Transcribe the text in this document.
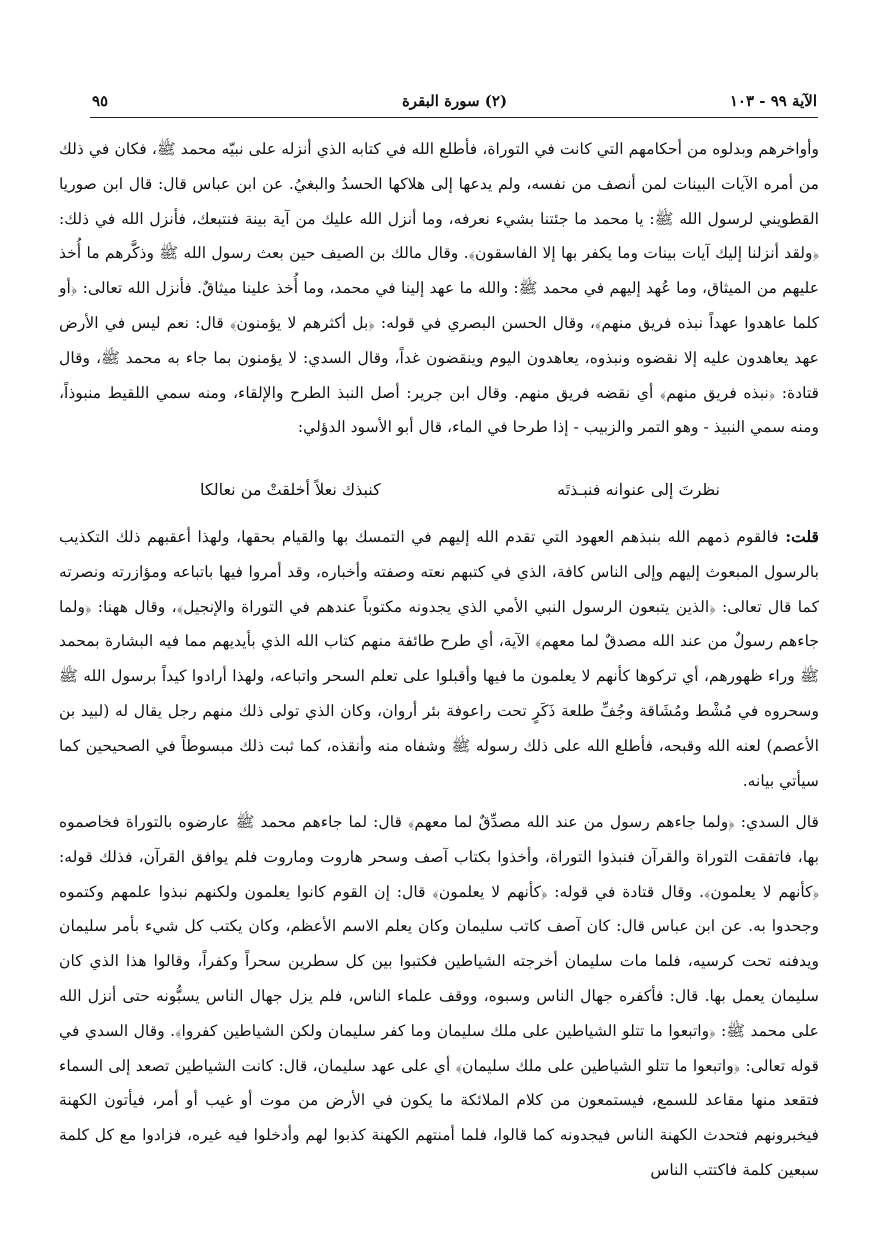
الآية ٩٩ - ١٠٣
(٢) سورة البقرة
٩٥

وأواخرهم وبدلوه من أحكامهم التي كانت في التوراة، فأطلع الله في كتابه الذي أنزله على نبيّه محمد ﷺ، فكان في ذلك من أمره الآيات البينات لمن أنصف من نفسه، ولم يدعها إلى هلاكها الحسدُ والبغيُ. عن ابن عباس قال: قال ابن صوريا القطويني لرسول الله ﷺ: يا محمد ما جئتنا بشيء نعرفه، وما أنزل الله عليك من آية بينة فنتبعك، فأنزل الله في ذلك: ﴿ولقد أنزلنا إليك آيات بينات وما يكفر بها إلا الفاسقون﴾. وقال مالك بن الصيف حين بعث رسول الله ﷺ وذكَّرهم ما أُخذ عليهم من الميثاق، وما عُهد إليهم في محمد ﷺ: والله ما عهد إلينا في محمد، وما أُخذ علينا ميثاقٌ. فأنزل الله تعالى: ﴿أو كلما عاهدوا عهداً نبذه فريق منهم﴾، وقال الحسن البصري في قوله: ﴿بل أكثرهم لا يؤمنون﴾ قال: نعم ليس في الأرض عهد يعاهدون عليه إلا نقضوه ونبذوه، يعاهدون اليوم وينقضون غداً، وقال السدي: لا يؤمنون بما جاء به محمد ﷺ، وقال قتادة: ﴿نبذه فريق منهم﴾ أي نقضه فريق منهم. وقال ابن جرير: أصل النبذ الطرح والإلقاء، ومنه سمي اللقيط منبوذاً، ومنه سمي النبيذ - وهو التمر والزبيب - إذا طرحا في الماء، قال أبو الأسود الدؤلي:

نظرتَ إلى عنوانه فنبـذتَه
كنبذك نعلاً أخلقتْ من نعالكا

قلت: فالقوم ذمهم الله بنبذهم العهود التي تقدم الله إليهم في التمسك بها والقيام بحقها، ولهذا أعقبهم ذلك التكذيب بالرسول المبعوث إليهم وإلى الناس كافة، الذي في كتبهم نعته وصفته وأخباره، وقد أمروا فيها باتباعه ومؤازرته ونصرته كما قال تعالى: ﴿الذين يتبعون الرسول النبي الأمي الذي يجدونه مكتوباً عندهم في التوراة والإنجيل﴾، وقال ههنا: ﴿ولما جاءهم رسولٌ من عند الله مصدقٌ لما معهم﴾ الآية، أي طرح طائفة منهم كتاب الله الذي بأيديهم مما فيه البشارة بمحمد ﷺ وراء ظهورهم، أي تركوها كأنهم لا يعلمون ما فيها وأقبلوا على تعلم السحر واتباعه، ولهذا أرادوا كيداً برسول الله ﷺ وسحروه في مُشْط ومُشَاقة وجُفِّ طلعة ذَكَرٍ تحت راعوفة بئر أروان، وكان الذي تولى ذلك منهم رجل يقال له (لبيد بن الأعصم) لعنه الله وقبحه، فأطلع الله على ذلك رسوله ﷺ وشفاه منه وأنقذه، كما ثبت ذلك مبسوطاً في الصحيحين كما سيأتي بيانه.

قال السدي: ﴿ولما جاءهم رسول من عند الله مصدِّقٌ لما معهم﴾ قال: لما جاءهم محمد ﷺ عارضوه بالتوراة فخاصموه بها، فاتفقت التوراة والقرآن فنبذوا التوراة، وأخذوا بكتاب آصف وسحر هاروت وماروت فلم يوافق القرآن، فذلك قوله: ﴿كأنهم لا يعلمون﴾. وقال قتادة في قوله: ﴿كأنهم لا يعلمون﴾ قال: إن القوم كانوا يعلمون ولكنهم نبذوا علمهم وكتموه وجحدوا به. عن ابن عباس قال: كان آصف كاتب سليمان وكان يعلم الاسم الأعظم، وكان يكتب كل شيء بأمر سليمان ويدفنه تحت كرسيه، فلما مات سليمان أخرجته الشياطين فكتبوا بين كل سطرين سحراً وكفراً، وقالوا هذا الذي كان سليمان يعمل بها. قال: فأكفره جهال الناس وسبوه، ووقف علماء الناس، فلم يزل جهال الناس يسبُّونه حتى أنزل الله على محمد ﷺ: ﴿واتبعوا ما تتلو الشياطين على ملك سليمان وما كفر سليمان ولكن الشياطين كفروا﴾. وقال السدي في قوله تعالى: ﴿واتبعوا ما تتلو الشياطين على ملك سليمان﴾ أي على عهد سليمان، قال: كانت الشياطين تصعد إلى السماء فتقعد منها مقاعد للسمع، فيستمعون من كلام الملائكة ما يكون في الأرض من موت أو غيب أو أمر، فيأتون الكهنة فيخبرونهم فتحدث الكهنة الناس فيجدونه كما قالوا، فلما أمنتهم الكهنة كذبوا لهم وأدخلوا فيه غيره، فزادوا مع كل كلمة سبعين كلمة فاكتتب الناس
